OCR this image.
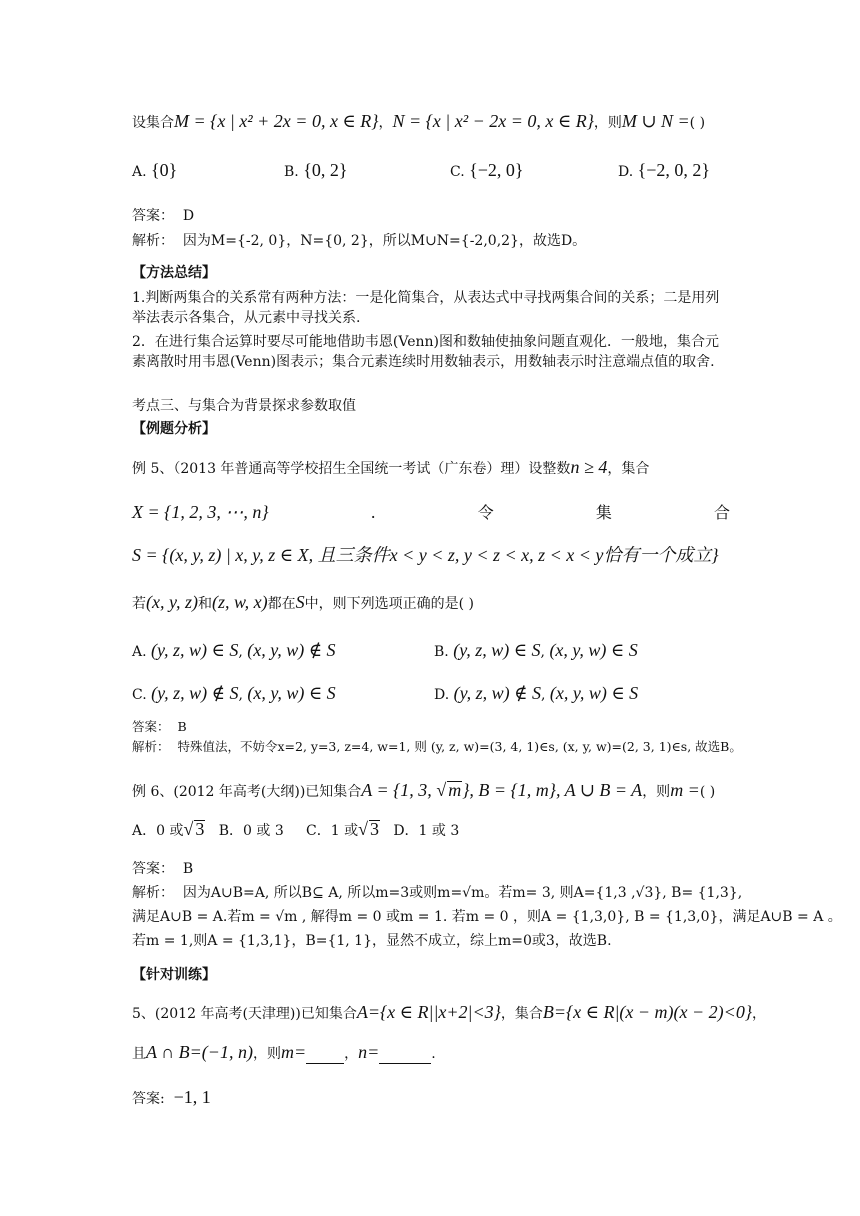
设集合M = {x | x² + 2x = 0, x ∈ R}，N = {x | x² − 2x = 0, x ∈ R}，则M ∪ N =( )
A. {0}	B. {0, 2}	C. {−2, 0}	D. {−2, 0, 2}
答案： D
解析： 因为M={-2, 0}，N={0, 2}，所以M∪N={-2,0,2}，故选D。
【方法总结】
1.判断两集合的关系常有两种方法：一是化简集合，从表达式中寻找两集合间的关系；二是用列举法表示各集合，从元素中寻找关系.
2．在进行集合运算时要尽可能地借助韦恩(Venn)图和数轴使抽象问题直观化．一般地，集合元素离散时用韦恩(Venn)图表示；集合元素连续时用数轴表示，用数轴表示时注意端点值的取舍.
考点三、与集合为背景探求参数取值
【例题分析】
例 5、（2013 年普通高等学校招生全国统一考试（广东卷）理）设整数n ≥ 4，集合
X = {1, 2, 3, ⋯, n}	.	令	集	合
S = {(x, y, z) | x, y, z ∈ X, 且三条件x < y < z, y < z < x, z < x < y恰有一个成立}
若(x, y, z)和(z, w, x)都在S中，则下列选项正确的是( )
A. (y, z, w) ∈ S, (x, y, w) ∉ S	B. (y, z, w) ∈ S, (x, y, w) ∈ S
C. (y, z, w) ∉ S, (x, y, w) ∈ S	D. (y, z, w) ∉ S, (x, y, w) ∈ S
答案： B
解析： 特殊值法，不妨令x=2, y=3, z=4, w=1, 则 (y, z, w)=(3, 4, 1)∈s, (x, y, w)=(2, 3, 1)∈s, 故选B。
例 6、(2012 年高考(大纲))已知集合A = {1, 3, √ m}, B = {1, m}, A ∪ B = A，则m =( )
A．0 或√ 3 B．0 或 3 C．1 或√ 3 D．1 或 3
答案： B
解析： 因为A∪B=A, 所以B⊆ A, 所以m=3或则m=√m。若m= 3, 则A={1,3 ,√3}, B= {1,3},
满足A∪B = A.若m = √m , 解得m = 0 或m = 1. 若m = 0 ，则A = {1,3,0}, B = {1,3,0}，满足A∪B = A 。
若m = 1,则A = {1,3,1}，B={1, 1}，显然不成立，综上m=0或3，故选B.
【针对训练】
5、(2012 年高考(天津理))已知集合A={x ∈ R||x+2|<3}，集合B={x ∈ R|(x − m)(x − 2)<0}，
且A ∩ B=(−1, n)，则m=	，n=	.
答案: −1, 1
